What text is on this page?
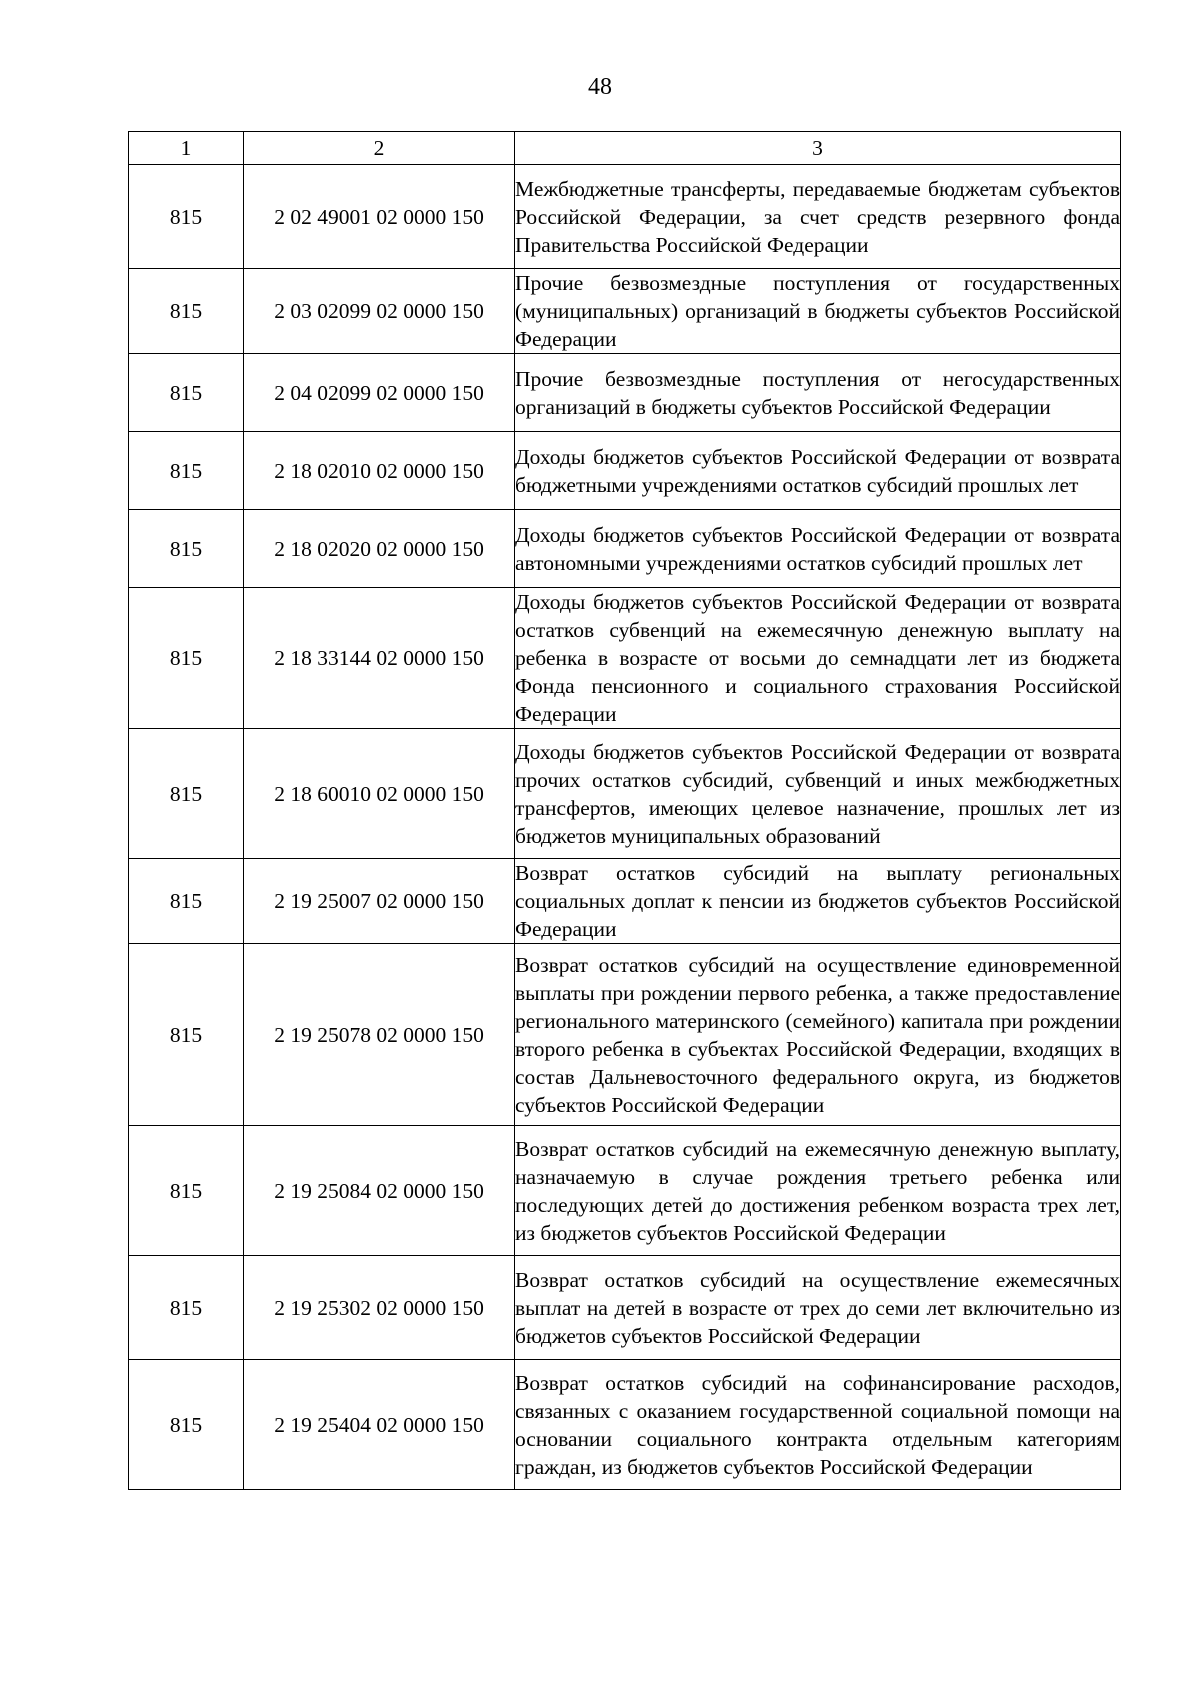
48
1	2	3
815	2 02 49001 02 0000 150	Межбюджетные трансферты, передаваемые бюджетам субъектов Российской Федерации, за счет средств резервного фонда Правительства Российской Федерации
815	2 03 02099 02 0000 150	Прочие безвозмездные поступления от государственных (муниципальных) организаций в бюджеты субъектов Российской Федерации
815	2 04 02099 02 0000 150	Прочие безвозмездные поступления от негосударственных организаций в бюджеты субъектов Российской Федерации
815	2 18 02010 02 0000 150	Доходы бюджетов субъектов Российской Федерации от возврата бюджетными учреждениями остатков субсидий прошлых лет
815	2 18 02020 02 0000 150	Доходы бюджетов субъектов Российской Федерации от возврата автономными учреждениями остатков субсидий прошлых лет
815	2 18 33144 02 0000 150	Доходы бюджетов субъектов Российской Федерации от возврата остатков субвенций на ежемесячную денежную выплату на ребенка в возрасте от восьми до семнадцати лет из бюджета Фонда пенсионного и социального страхования Российской Федерации
815	2 18 60010 02 0000 150	Доходы бюджетов субъектов Российской Федерации от возврата прочих остатков субсидий, субвенций и иных межбюджетных трансфертов, имеющих целевое назначение, прошлых лет из бюджетов муниципальных образований
815	2 19 25007 02 0000 150	Возврат остатков субсидий на выплату региональных социальных доплат к пенсии из бюджетов субъектов Российской Федерации
815	2 19 25078 02 0000 150	Возврат остатков субсидий на осуществление единовременной выплаты при рождении первого ребенка, а также предоставление регионального материнского (семейного) капитала при рождении второго ребенка в субъектах Российской Федерации, входящих в состав Дальневосточного федерального округа, из бюджетов субъектов Российской Федерации
815	2 19 25084 02 0000 150	Возврат остатков субсидий на ежемесячную денежную выплату, назначаемую в случае рождения третьего ребенка или последующих детей до достижения ребенком возраста трех лет, из бюджетов субъектов Российской Федерации
815	2 19 25302 02 0000 150	Возврат остатков субсидий на осуществление ежемесячных выплат на детей в возрасте от трех до семи лет включительно из бюджетов субъектов Российской Федерации
815	2 19 25404 02 0000 150	Возврат остатков субсидий на софинансирование расходов, связанных с оказанием государственной социальной помощи на основании социального контракта отдельным категориям граждан, из бюджетов субъектов Российской Федерации
